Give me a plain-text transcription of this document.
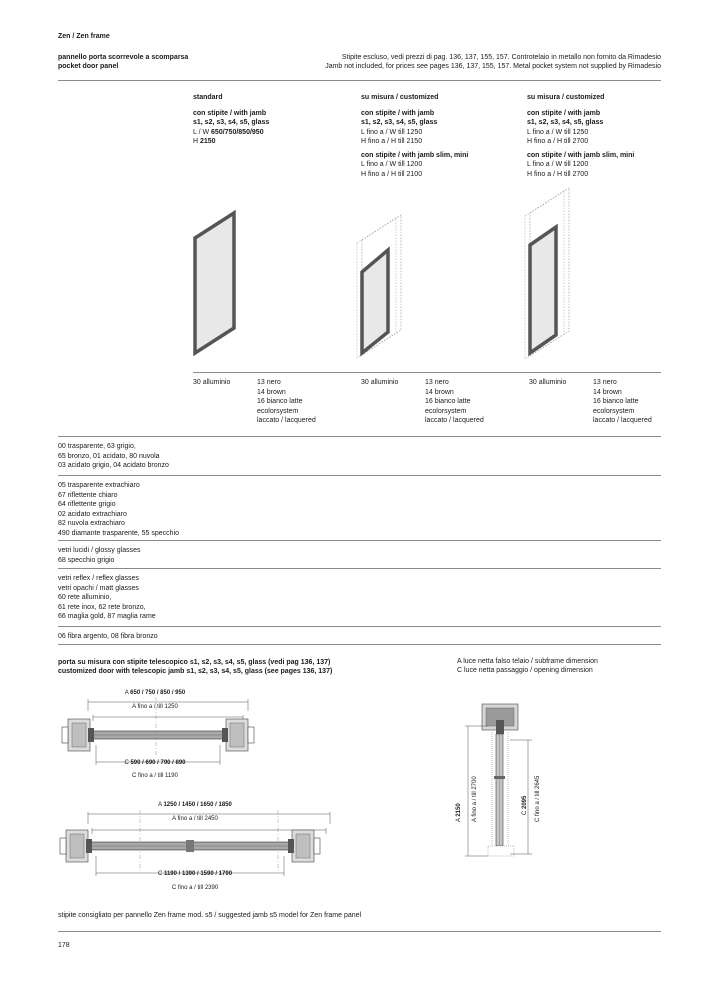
Zen / Zen frame
pannello porta scorrevole a scomparsa
pocket door panel
Stipite escluso, vedi prezzi di pag. 136, 137, 155, 157. Controtelaio in metallo non fornito da Rimadesio
Jamb not included, for prices see pages 136, 137, 155, 157. Metal pocket system not supplied by Rimadesio
standard
con stipite / with jamb
s1, s2, s3, s4, s5, glass
L / W 650/750/850/950
H 2150
su misura / customized
con stipite / with jamb
s1, s2, s3, s4, s5, glass
L fino a / W till 1250
H fino a / H till 2150
con stipite / with jamb slim, mini
L fino a / W till 1200
H fino a / H till 2100
su misura / customized
con stipite / with jamb
s1, s2, s3, s4, s5, glass
L fino a / W till 1250
H fino a / H till 2700
con stipite / with jamb slim, mini
L fino a / W till 1200
H fino a / H till 2700
30 alluminio	13 nero
14 brown
16 bianco latte
ecolorsystem
laccato / lacquered
30 alluminio	13 nero
14 brown
16 bianco latte
ecolorsystem
laccato / lacquered
30 alluminio	13 nero
14 brown
16 bianco latte
ecolorsystem
laccato / lacquered
00 trasparente, 63 grigio,
65 bronzo, 01 acidato, 80 nuvola
03 acidato grigio, 04 acidato bronzo
05 trasparente extrachiaro
67 riflettente chiaro
64 riflettente grigio
02 acidato extrachiaro
82 nuvola extrachiaro
490 diamante trasparente, 55 specchio
vetri lucidi / glossy glasses
68 specchio grigio
vetri reflex / reflex glasses
vetri opachi / matt glasses
60 rete alluminio,
61 rete inox, 62 rete bronzo,
66 maglia gold, 87 maglia rame
06 fibra argento, 08 fibra bronzo
porta su misura con stipite telescopico s1, s2, s3, s4, s5, glass (vedi pag 136, 137)
customized door with telescopic jamb s1, s2, s3, s4, s5, glass (see pages 136, 137)
A luce netta falso telaio / subframe dimension
C luce netta passaggio / opening dimension
A 650 / 750 / 850 / 950
A fino a / till 1250
C 590 / 690 / 790 / 890
C fino a / till 1190
A 1250 / 1450 / 1650 / 1850
A fino a / till 2450
C 1190 / 1390 / 1590 / 1790
C fino a / till 2390
A 2150 A fino a / till 2700	C 2095 C fino a / till 2645
stipite consigliato per pannello Zen frame mod. s5 / suggested jamb s5 model for Zen frame panel
178
